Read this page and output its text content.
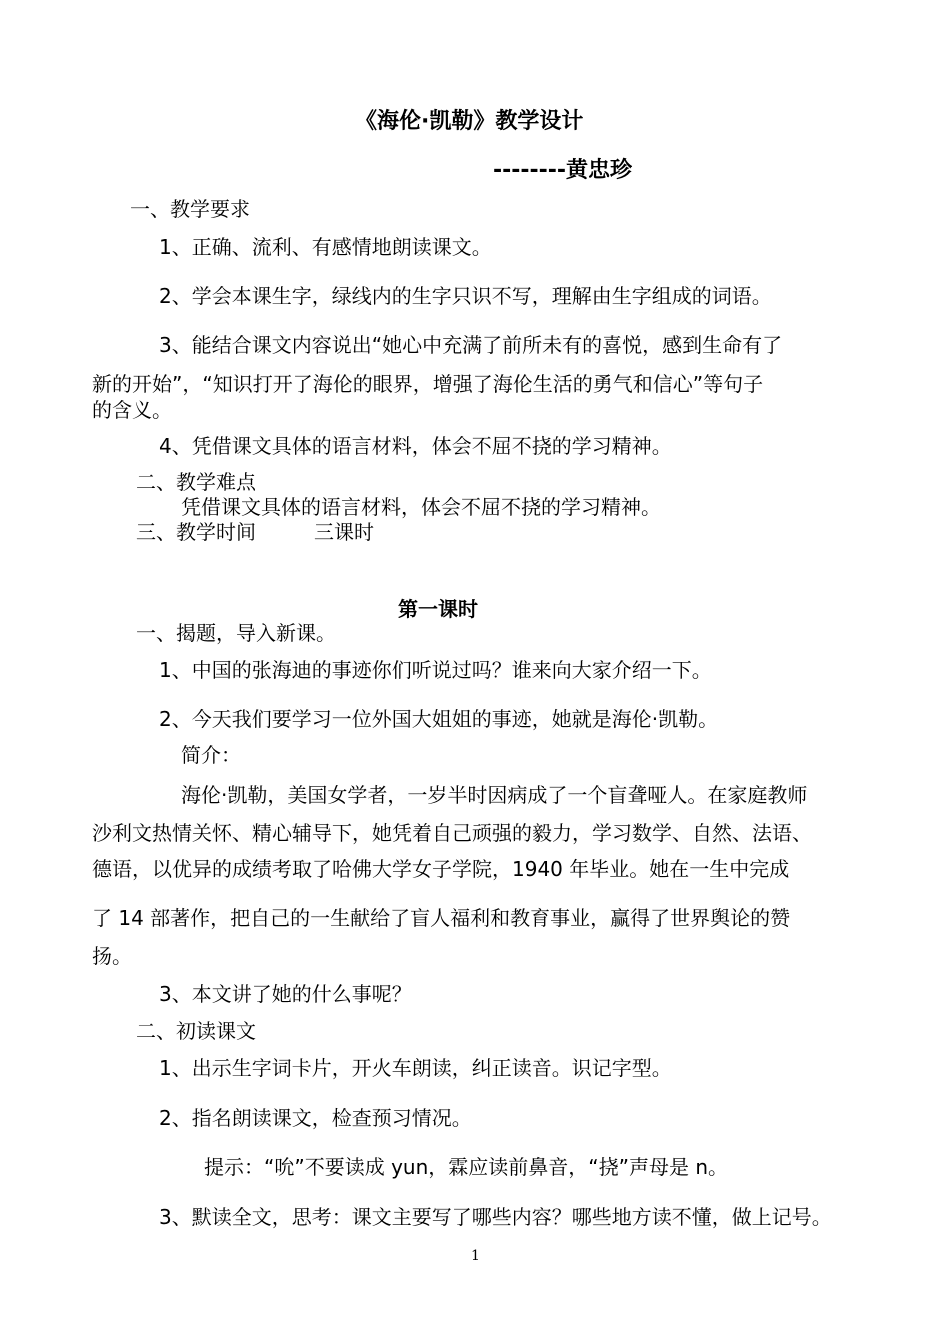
《海伦·凯勒》教学设计
--------黄忠珍
一、教学要求
1、正确、流利、有感情地朗读课文。
2、学会本课生字，绿线内的生字只识不写，理解由生字组成的词语。
3、能结合课文内容说出“她心中充满了前所未有的喜悦，感到生命有了
新的开始”，“知识打开了海伦的眼界，增强了海伦生活的勇气和信心”等句子
的含义。
4、凭借课文具体的语言材料，体会不屈不挠的学习精神。
二、教学难点
凭借课文具体的语言材料，体会不屈不挠的学习精神。
三、教学时间	三课时
第一课时
一、揭题，导入新课。
1、中国的张海迪的事迹你们听说过吗？谁来向大家介绍一下。
2、今天我们要学习一位外国大姐姐的事迹，她就是海伦·凯勒。
简介：
海伦·凯勒，美国女学者，一岁半时因病成了一个盲聋哑人。在家庭教师
沙利文热情关怀、精心辅导下，她凭着自己顽强的毅力，学习数学、自然、法语、
德语，以优异的成绩考取了哈佛大学女子学院，1940 年毕业。她在一生中完成
了 14 部著作，把自己的一生献给了盲人福利和教育事业，赢得了世界舆论的赞
扬。
3、本文讲了她的什么事呢？
二、初读课文
1、出示生字词卡片，开火车朗读，纠正读音。识记字型。
2、指名朗读课文，检查预习情况。
提示：“吮”不要读成 yun，霖应读前鼻音，“挠”声母是 n。
3、默读全文，思考：课文主要写了哪些内容？哪些地方读不懂，做上记号。
1
